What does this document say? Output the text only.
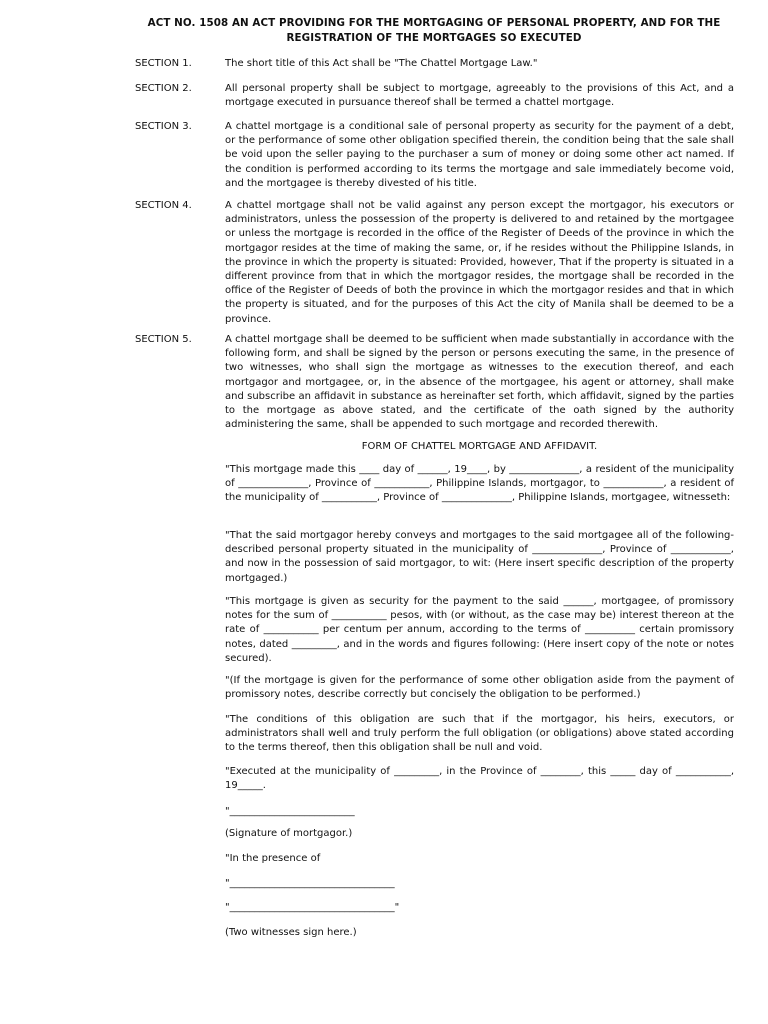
ACT NO. 1508 AN ACT PROVIDING FOR THE MORTGAGING OF PERSONAL PROPERTY, AND FOR THE
REGISTRATION OF THE MORTGAGES SO EXECUTED
SECTION 1.	The short title of this Act shall be "The Chattel Mortgage Law."
SECTION 2.	All personal property shall be subject to mortgage, agreeably to the provisions of this Act, and a mortgage executed in pursuance thereof shall be termed a chattel mortgage.
SECTION 3.	A chattel mortgage is a conditional sale of personal property as security for the payment of a debt, or the performance of some other obligation specified therein, the condition being that the sale shall be void upon the seller paying to the purchaser a sum of money or doing some other act named. If the condition is performed according to its terms the mortgage and sale immediately become void, and the mortgagee is thereby divested of his title.
SECTION 4.	A chattel mortgage shall not be valid against any person except the mortgagor, his executors or administrators, unless the possession of the property is delivered to and retained by the mortgagee or unless the mortgage is recorded in the office of the Register of Deeds of the province in which the mortgagor resides at the time of making the same, or, if he resides without the Philippine Islands, in the province in which the property is situated: Provided, however, That if the property is situated in a different province from that in which the mortgagor resides, the mortgage shall be recorded in the office of the Register of Deeds of both the province in which the mortgagor resides and that in which the property is situated, and for the purposes of this Act the city of Manila shall be deemed to be a province.
SECTION 5.	A chattel mortgage shall be deemed to be sufficient when made substantially in accordance with the following form, and shall be signed by the person or persons executing the same, in the presence of two witnesses, who shall sign the mortgage as witnesses to the execution thereof, and each mortgagor and mortgagee, or, in the absence of the mortgagee, his agent or attorney, shall make and subscribe an affidavit in substance as hereinafter set forth, which affidavit, signed by the parties to the mortgage as above stated, and the certificate of the oath signed by the authority administering the same, shall be appended to such mortgage and recorded therewith.
FORM OF CHATTEL MORTGAGE AND AFFIDAVIT.
"This mortgage made this ____ day of ______, 19____, by ______________, a resident of the municipality of ______________, Province of ___________, Philippine Islands, mortgagor, to ____________, a resident of the municipality of ___________, Province of ______________, Philippine Islands, mortgagee, witnesseth:
"That the said mortgagor hereby conveys and mortgages to the said mortgagee all of the following-described personal property situated in the municipality of ______________, Province of ____________, and now in the possession of said mortgagor, to wit: (Here insert specific description of the property mortgaged.)
"This mortgage is given as security for the payment to the said ______, mortgagee, of promissory notes for the sum of ___________ pesos, with (or without, as the case may be) interest thereon at the rate of ___________ per centum per annum, according to the terms of __________ certain promissory notes, dated _________, and in the words and figures following: (Here insert copy of the note or notes secured).
"(If the mortgage is given for the performance of some other obligation aside from the payment of promissory notes, describe correctly but concisely the obligation to be performed.)
"The conditions of this obligation are such that if the mortgagor, his heirs, executors, or administrators shall well and truly perform the full obligation (or obligations) above stated according to the terms thereof, then this obligation shall be null and void.
"Executed at the municipality of _________, in the Province of ________, this _____ day of ___________, 19_____.
"_________________________
(Signature of mortgagor.)
"In the presence of
"_________________________________
"_________________________________"
(Two witnesses sign here.)
